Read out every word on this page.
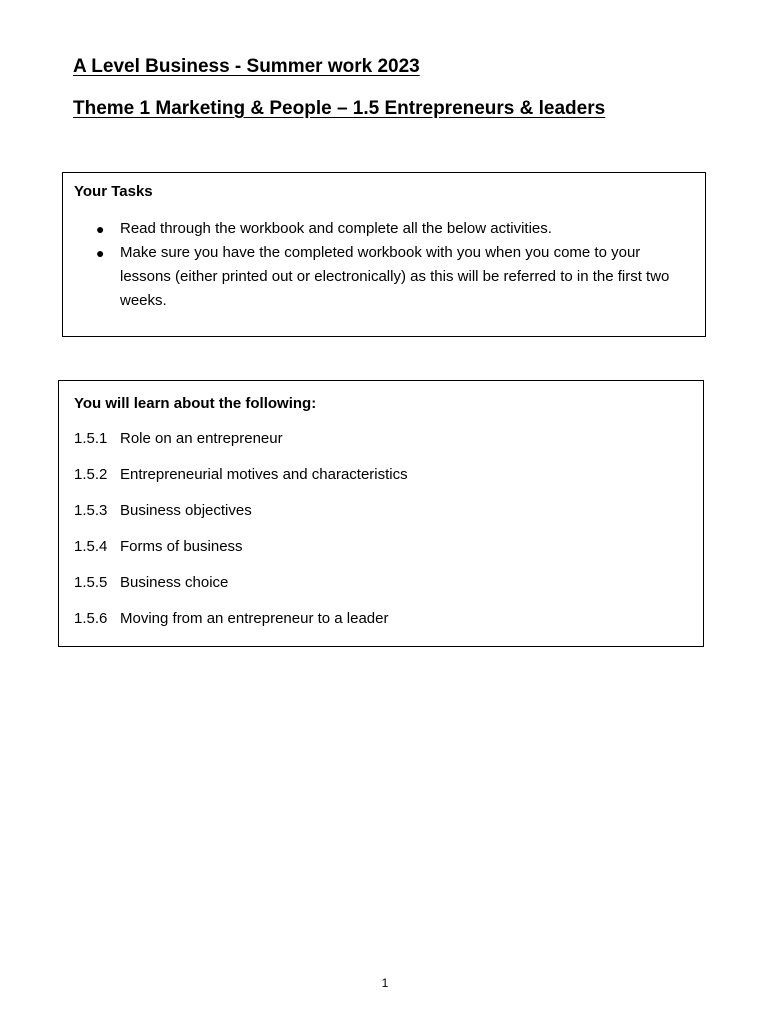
A Level Business - Summer work 2023
Theme 1 Marketing & People – 1.5 Entrepreneurs & leaders

Your Tasks

● Read through the workbook and complete all the below activities.
● Make sure you have the completed workbook with you when you come to your lessons (either printed out or electronically) as this will be referred to in the first two weeks.

You will learn about the following:

1.5.1 Role on an entrepreneur
1.5.2 Entrepreneurial motives and characteristics
1.5.3 Business objectives
1.5.4 Forms of business
1.5.5 Business choice
1.5.6 Moving from an entrepreneur to a leader
1
